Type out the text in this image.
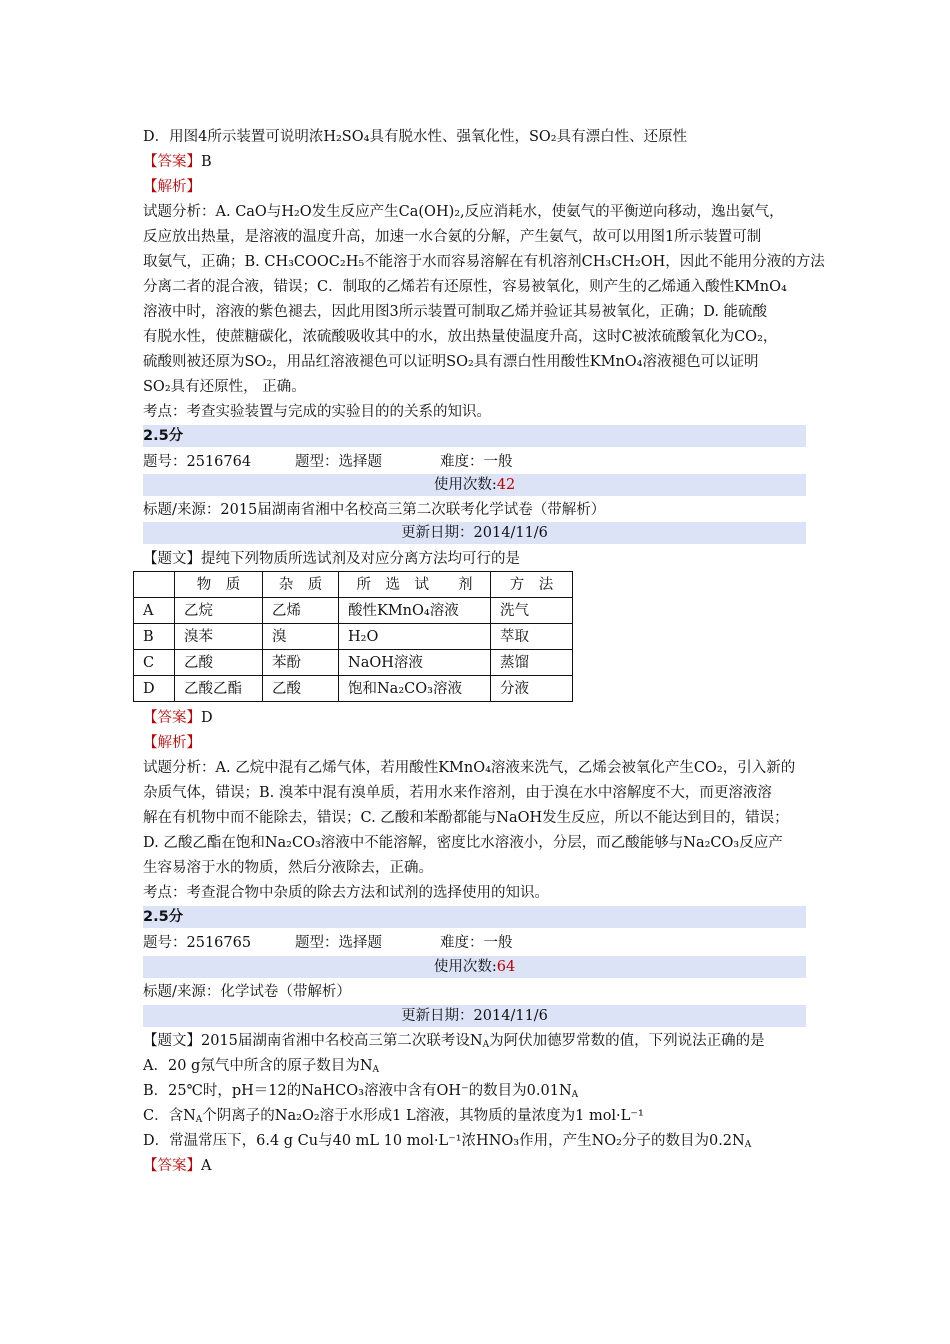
D．用图4所示装置可说明浓H₂SO₄具有脱水性、强氧化性，SO₂具有漂白性、还原性
【答案】B
【解析】
试题分析：A. CaO与H₂O发生反应产生Ca(OH)₂,反应消耗水，使氨气的平衡逆向移动，逸出氨气，
反应放出热量，是溶液的温度升高，加速一水合氨的分解，产生氨气，故可以用图1所示装置可制
取氨气，正确；B. CH₃COOC₂H₅不能溶于水而容易溶解在有机溶剂CH₃CH₂OH，因此不能用分液的方法
分离二者的混合液，错误；C．制取的乙烯若有还原性，容易被氧化，则产生的乙烯通入酸性KMnO₄
溶液中时，溶液的紫色褪去，因此用图3所示装置可制取乙烯并验证其易被氧化，正确；D. 能硫酸
有脱水性，使蔗糖碳化，浓硫酸吸收其中的水，放出热量使温度升高，这时C被浓硫酸氧化为CO₂，
硫酸则被还原为SO₂，用品红溶液褪色可以证明SO₂具有漂白性用酸性KMnO₄溶液褪色可以证明
SO₂具有还原性， 正确。
考点：考查实验装置与完成的实验目的的关系的知识。
2.5分
题号：2516764	题型：选择题	难度：一般
使用次数:42
标题/来源：2015届湖南省湘中名校高三第二次联考化学试卷（带解析）
更新日期：2014/11/6
【题文】提纯下列物质所选试剂及对应分离方法均可行的是
	物　质	杂　质	所　选　试　　剂	方　法
A	乙烷	乙烯	酸性KMnO₄溶液	洗气
B	溴苯	溴	H₂O	萃取
C	乙酸	苯酚	NaOH溶液	蒸馏
D	乙酸乙酯	乙酸	饱和Na₂CO₃溶液	分液
【答案】D
【解析】
试题分析：A. 乙烷中混有乙烯气体，若用酸性KMnO₄溶液来洗气，乙烯会被氧化产生CO₂，引入新的
杂质气体，错误；B. 溴苯中混有溴单质，若用水来作溶剂，由于溴在水中溶解度不大，而更溶液溶
解在有机物中而不能除去，错误；C. 乙酸和苯酚都能与NaOH发生反应，所以不能达到目的，错误；
D. 乙酸乙酯在饱和Na₂CO₃溶液中不能溶解，密度比水溶液小，分层，而乙酸能够与Na₂CO₃反应产
生容易溶于水的物质，然后分液除去，正确。
考点：考查混合物中杂质的除去方法和试剂的选择使用的知识。
2.5分
题号：2516765	题型：选择题	难度：一般
使用次数:64
标题/来源：化学试卷（带解析）
更新日期：2014/11/6
【题文】2015届湖南省湘中名校高三第二次联考设$N_A$为阿伏加德罗常数的值，下列说法正确的是
A．20 g氖气中所含的原子数目为$N_A$
B．25℃时，pH＝12的NaHCO₃溶液中含有OH⁻的数目为$0.01N_A$
C．含$N_A$个阴离子的Na₂O₂溶于水形成1 L溶液，其物质的量浓度为1 mol·L⁻¹
D．常温常压下，6.4 g Cu与40 mL 10 mol·L⁻¹浓HNO₃作用，产生NO₂分子的数目为$0.2N_A$
【答案】A
